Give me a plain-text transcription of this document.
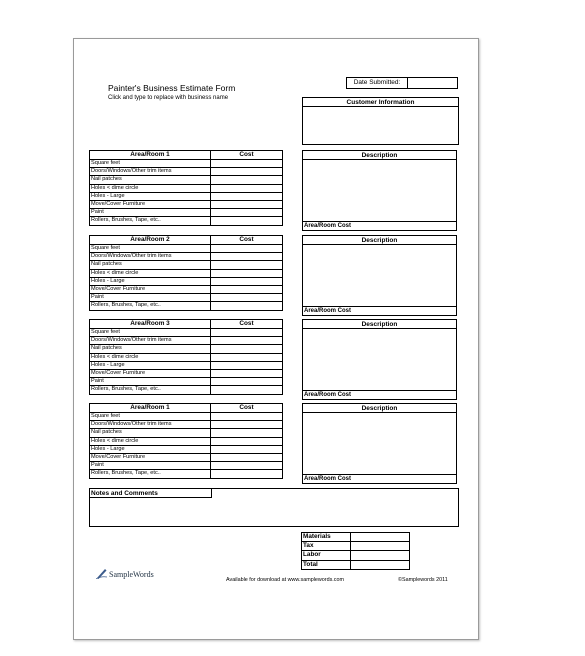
Painter's Business Estimate Form
Click and type to replace with business name
Date Submitted:
Customer Information
Area/Room 1	Cost
Square feet	
Doors/Windows/Other trim items	
Nail patches	
Holes < dime circle	
Holes - Large	
Move/Cover Furniture	
Paint	
Rollers, Brushes, Tape, etc..	
Description
Area/Room Cost
Area/Room 2	Cost
Square feet	
Doors/Windows/Other trim items	
Nail patches	
Holes < dime circle	
Holes - Large	
Move/Cover Furniture	
Paint	
Rollers, Brushes, Tape, etc..	
Description
Area/Room Cost
Area/Room 3	Cost
Square feet	
Doors/Windows/Other trim items	
Nail patches	
Holes < dime circle	
Holes - Large	
Move/Cover Furniture	
Paint	
Rollers, Brushes, Tape, etc..	
Description
Area/Room Cost
Area/Room 1	Cost
Square feet	
Doors/Windows/Other trim items	
Nail patches	
Holes < dime circle	
Holes - Large	
Move/Cover Furniture	
Paint	
Rollers, Brushes, Tape, etc..	
Description
Area/Room Cost
Notes and Comments
Materials	
Tax	
Labor	
Total	
SampleWords
Available for download at www.samplewords.com	©Samplewords 2011
